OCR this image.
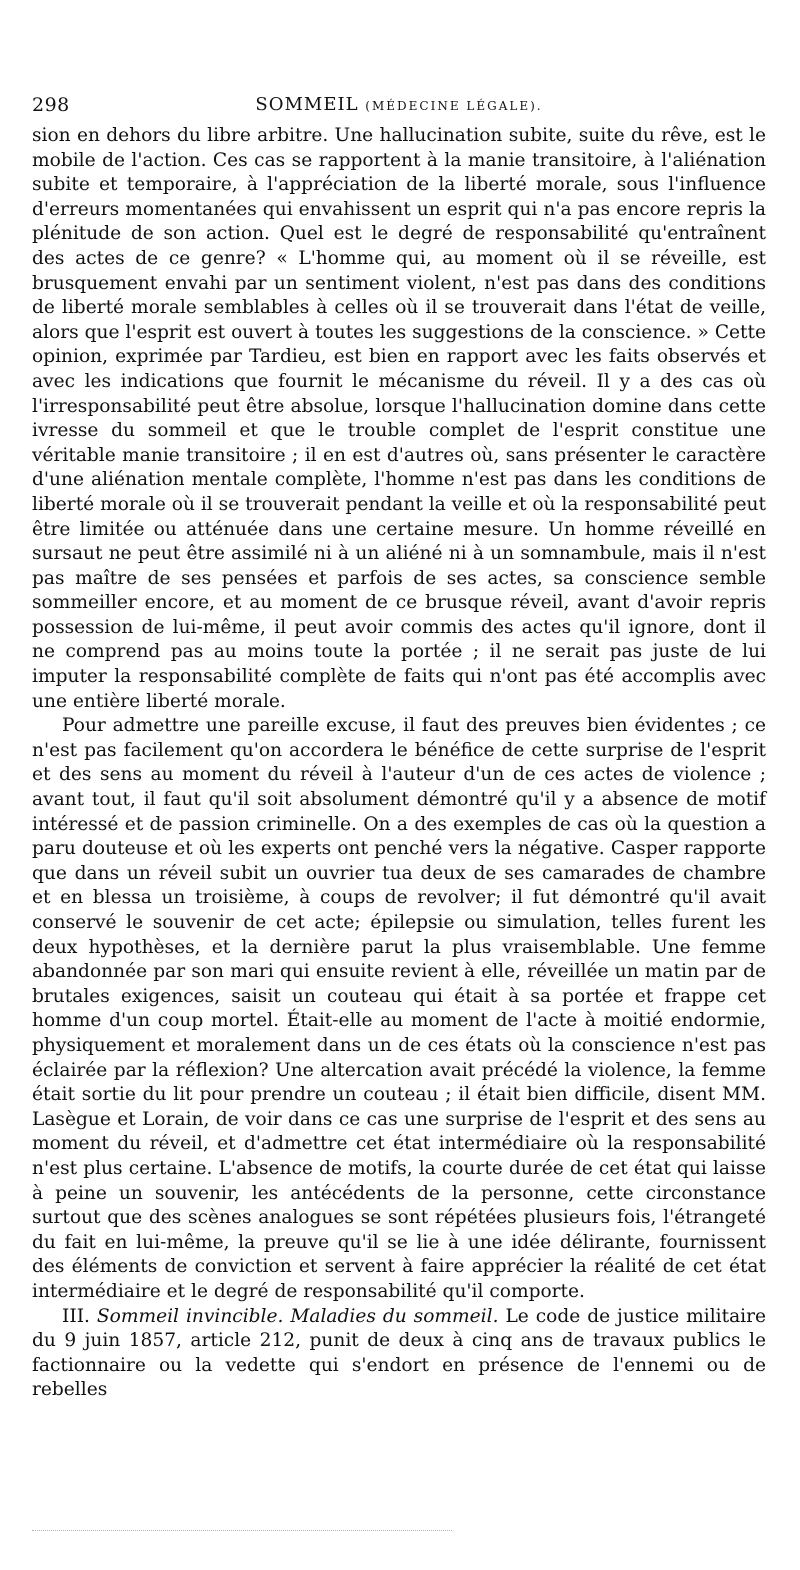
298	SOMMEIL (MÉDECINE LÉGALE).

sion en dehors du libre arbitre. Une hallucination subite, suite du rêve, est le mobile de l'action. Ces cas se rapportent à la manie transitoire, à l'aliénation subite et temporaire, à l'appréciation de la liberté morale, sous l'influence d'erreurs momentanées qui envahissent un esprit qui n'a pas encore repris la plénitude de son action. Quel est le degré de responsabilité qu'entraînent des actes de ce genre? « L'homme qui, au moment où il se réveille, est brusquement envahi par un sentiment violent, n'est pas dans des conditions de liberté morale semblables à celles où il se trouverait dans l'état de veille, alors que l'esprit est ouvert à toutes les suggestions de la conscience. » Cette opinion, exprimée par Tardieu, est bien en rapport avec les faits observés et avec les indications que fournit le mécanisme du réveil. Il y a des cas où l'irresponsabilité peut être absolue, lorsque l'hallucination domine dans cette ivresse du sommeil et que le trouble complet de l'esprit constitue une véritable manie transitoire ; il en est d'autres où, sans présenter le caractère d'une aliénation mentale complète, l'homme n'est pas dans les conditions de liberté morale où il se trouverait pendant la veille et où la responsabilité peut être limitée ou atténuée dans une certaine mesure. Un homme réveillé en sursaut ne peut être assimilé ni à un aliéné ni à un somnambule, mais il n'est pas maître de ses pensées et parfois de ses actes, sa conscience semble sommeiller encore, et au moment de ce brusque réveil, avant d'avoir repris possession de lui-même, il peut avoir commis des actes qu'il ignore, dont il ne comprend pas au moins toute la portée ; il ne serait pas juste de lui imputer la responsabilité complète de faits qui n'ont pas été accomplis avec une entière liberté morale.

Pour admettre une pareille excuse, il faut des preuves bien évidentes ; ce n'est pas facilement qu'on accordera le bénéfice de cette surprise de l'esprit et des sens au moment du réveil à l'auteur d'un de ces actes de violence ; avant tout, il faut qu'il soit absolument démontré qu'il y a absence de motif intéressé et de passion criminelle. On a des exemples de cas où la question a paru douteuse et où les experts ont penché vers la négative. Casper rapporte que dans un réveil subit un ouvrier tua deux de ses camarades de chambre et en blessa un troisième, à coups de revolver; il fut démontré qu'il avait conservé le souvenir de cet acte; épilepsie ou simulation, telles furent les deux hypothèses, et la dernière parut la plus vraisemblable. Une femme abandonnée par son mari qui ensuite revient à elle, réveillée un matin par de brutales exigences, saisit un couteau qui était à sa portée et frappe cet homme d'un coup mortel. Était-elle au moment de l'acte à moitié endormie, physiquement et moralement dans un de ces états où la conscience n'est pas éclairée par la réflexion? Une altercation avait précédé la violence, la femme était sortie du lit pour prendre un couteau ; il était bien difficile, disent MM. Lasègue et Lorain, de voir dans ce cas une surprise de l'esprit et des sens au moment du réveil, et d'admettre cet état intermédiaire où la responsabilité n'est plus certaine. L'absence de motifs, la courte durée de cet état qui laisse à peine un souvenir, les antécédents de la personne, cette circonstance surtout que des scènes analogues se sont répétées plusieurs fois, l'étrangeté du fait en lui-même, la preuve qu'il se lie à une idée délirante, fournissent des éléments de conviction et servent à faire apprécier la réalité de cet état intermédiaire et le degré de responsabilité qu'il comporte.

III. Sommeil invincible. Maladies du sommeil. Le code de justice militaire du 9 juin 1857, article 212, punit de deux à cinq ans de travaux publics le factionnaire ou la vedette qui s'endort en présence de l'ennemi ou de rebelles
